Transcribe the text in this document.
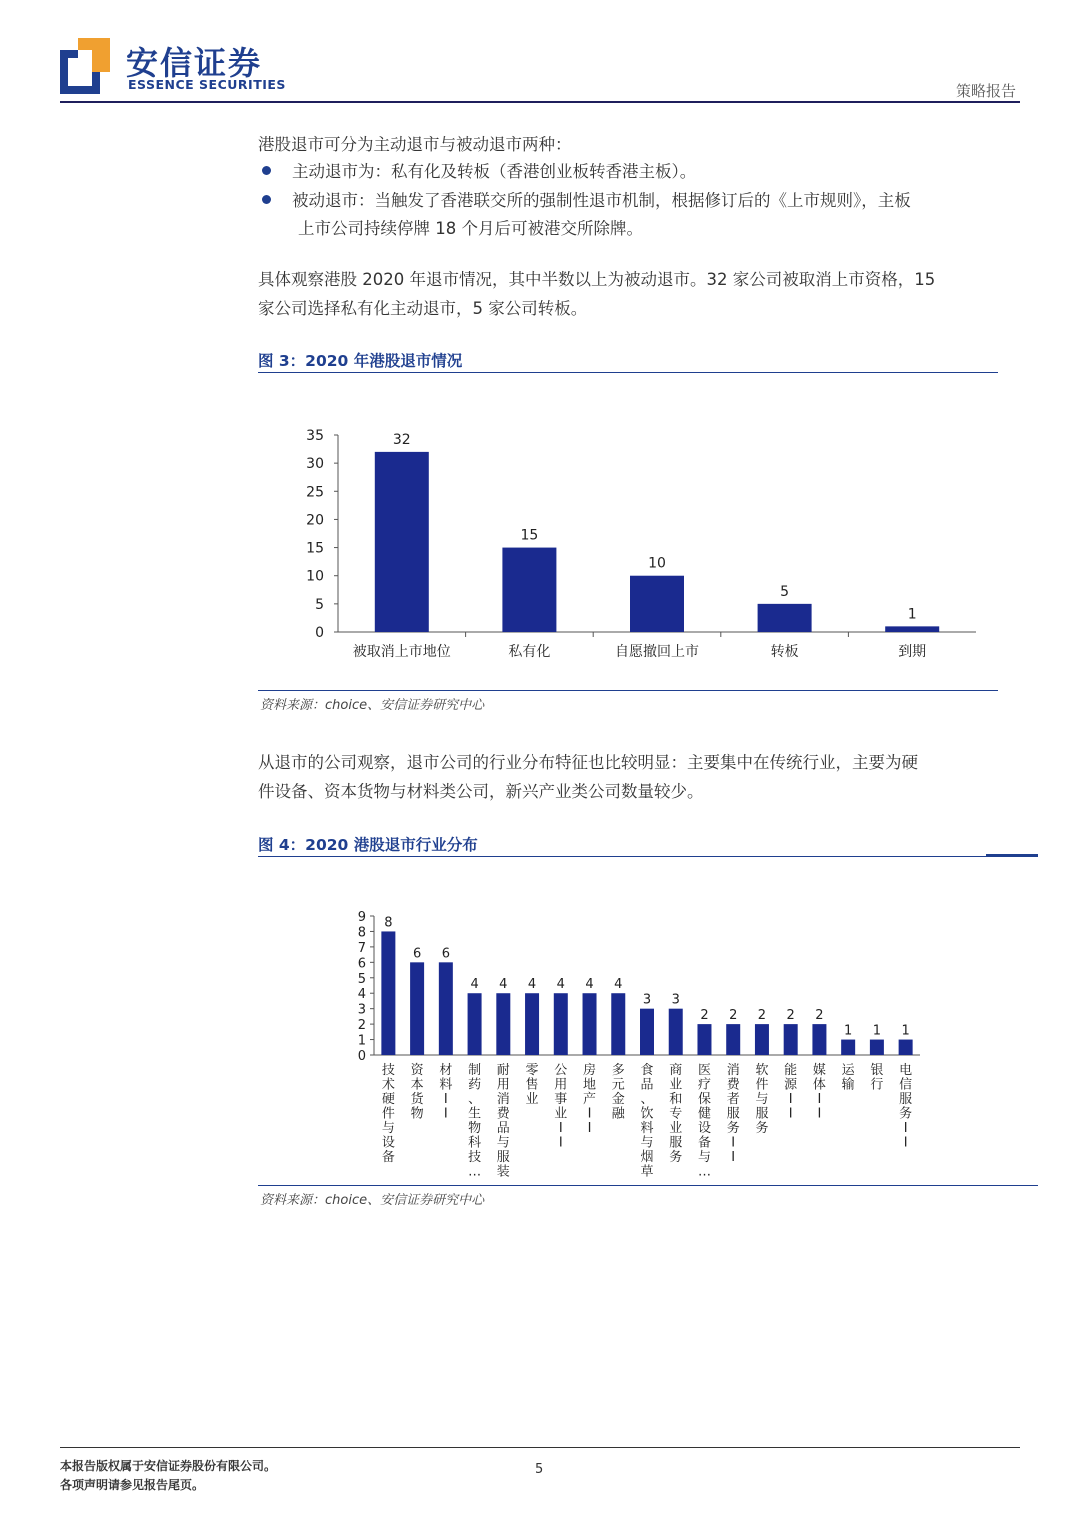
安信证券
ESSENCE SECURITIES	策略报告
港股退市可分为主动退市与被动退市两种：
主动退市为：私有化及转板（香港创业板转香港主板）。
被动退市：当触发了香港联交所的强制性退市机制，根据修订后的《上市规则》，主板
上市公司持续停牌 18 个月后可被港交所除牌。
具体观察港股 2020 年退市情况，其中半数以上为被动退市。32 家公司被取消上市资格，15
家公司选择私有化主动退市，5 家公司转板。
图 3：2020 年港股退市情况
0
5
10
15
20
25
30
35	32
被取消上市地位
15
私有化
10
自愿撤回上市
5
转板
1
到期
资料来源：choice、安信证券研究中心
从退市的公司观察，退市公司的行业分布特征也比较明显：主要集中在传统行业，主要为硬
件设备、资本货物与材料类公司，新兴产业类公司数量较少。
图 4：2020 港股退市行业分布
0
1
2
3
4
5
6
7
8
9 8
技术硬件与设备
6
资本货物
6
材料 I I
4
制药、生物科技…
4
耐用消费品与服装
4
零售业
4
公用事业 I I
4
房地产 I I
4
多元金融
3
食品、饮料与烟草
3
商业和专业服务
2
医疗保健设备与…
2
消费者服务 I I
2
软件与服务
2
能源 I I
2
媒体 I I
1
运输
1
银行
1
电信服务 I I
资料来源：choice、安信证券研究中心
本报告版权属于安信证券股份有限公司。
各项声明请参见报告尾页。
5
